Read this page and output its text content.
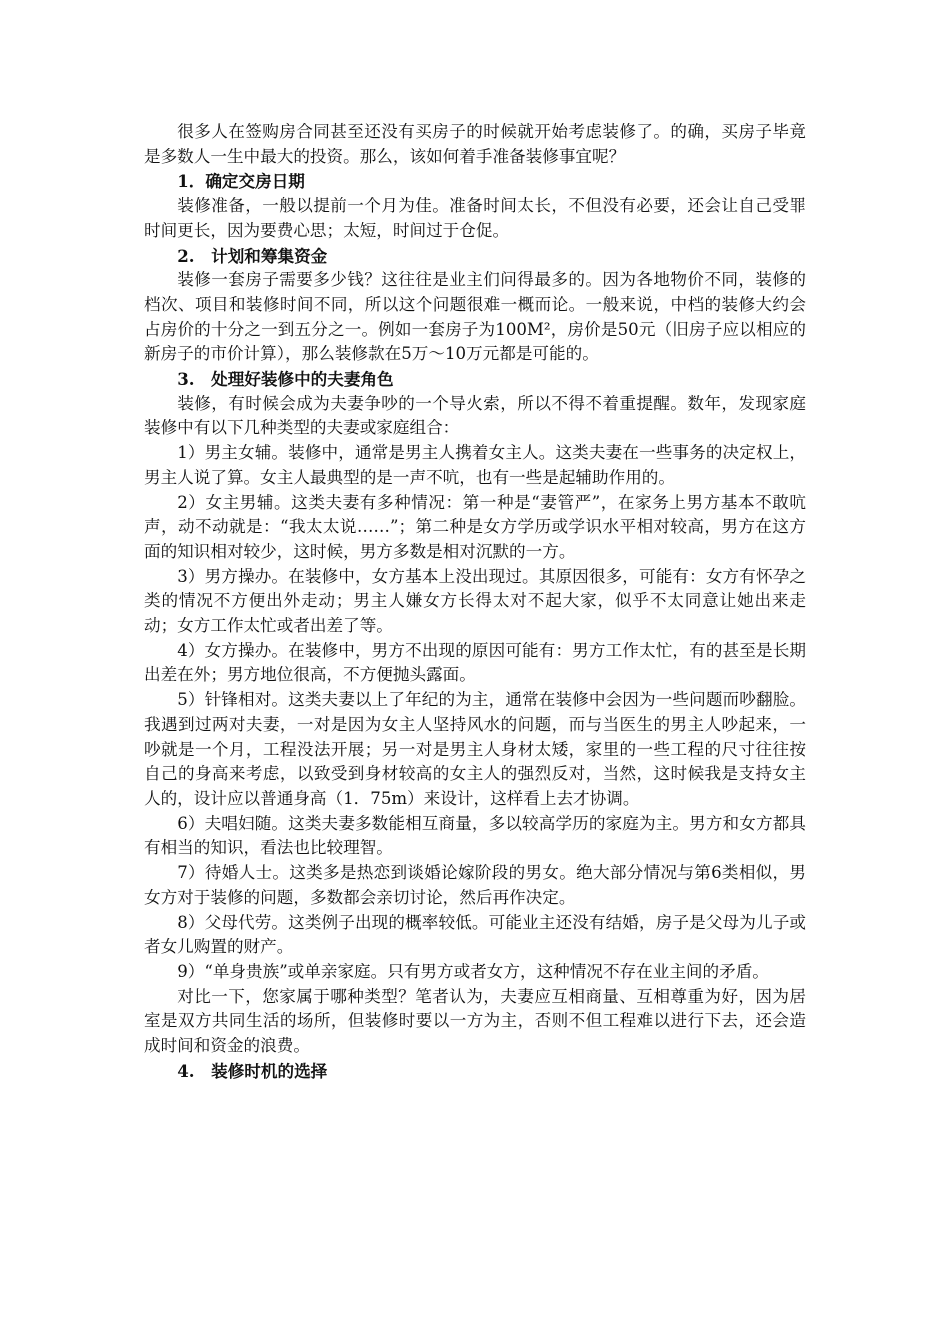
很多人在签购房合同甚至还没有买房子的时候就开始考虑装修了。的确，买房子毕竟是多数人一生中最大的投资。那么，该如何着手准备装修事宜呢？

1．确定交房日期

装修准备，一般以提前一个月为佳。准备时间太长，不但没有必要，还会让自己受罪时间更长，因为要费心思；太短，时间过于仓促。

2.　计划和筹集资金

装修一套房子需要多少钱？这往往是业主们问得最多的。因为各地物价不同，装修的档次、项目和装修时间不同，所以这个问题很难一概而论。一般来说，中档的装修大约会占房价的十分之一到五分之一。例如一套房子为100M²，房价是50元（旧房子应以相应的新房子的市价计算），那么装修款在5万～10万元都是可能的。

3.　处理好装修中的夫妻角色

装修，有时候会成为夫妻争吵的一个导火索，所以不得不着重提醒。数年，发现家庭装修中有以下几种类型的夫妻或家庭组合：

1）男主女辅。装修中，通常是男主人携着女主人。这类夫妻在一些事务的决定权上，男主人说了算。女主人最典型的是一声不吭，也有一些是起辅助作用的。

2）女主男辅。这类夫妻有多种情况：第一种是“妻管严”，在家务上男方基本不敢吭声，动不动就是：“我太太说……”；第二种是女方学历或学识水平相对较高，男方在这方面的知识相对较少，这时候，男方多数是相对沉默的一方。

3）男方操办。在装修中，女方基本上没出现过。其原因很多，可能有：女方有怀孕之类的情况不方便出外走动；男主人嫌女方长得太对不起大家，似乎不太同意让她出来走动；女方工作太忙或者出差了等。

4）女方操办。在装修中，男方不出现的原因可能有：男方工作太忙，有的甚至是长期出差在外；男方地位很高，不方便抛头露面。

5）针锋相对。这类夫妻以上了年纪的为主，通常在装修中会因为一些问题而吵翻脸。我遇到过两对夫妻，一对是因为女主人坚持风水的问题，而与当医生的男主人吵起来，一吵就是一个月，工程没法开展；另一对是男主人身材太矮，家里的一些工程的尺寸往往按自己的身高来考虑，以致受到身材较高的女主人的强烈反对，当然，这时候我是支持女主人的，设计应以普通身高（1．75m）来设计，这样看上去才协调。

6）夫唱妇随。这类夫妻多数能相互商量，多以较高学历的家庭为主。男方和女方都具有相当的知识，看法也比较理智。

7）待婚人士。这类多是热恋到谈婚论嫁阶段的男女。绝大部分情况与第6类相似，男女方对于装修的问题，多数都会亲切讨论，然后再作决定。

8）父母代劳。这类例子出现的概率较低。可能业主还没有结婚，房子是父母为儿子或者女儿购置的财产。

9）“单身贵族”或单亲家庭。只有男方或者女方，这种情况不存在业主间的矛盾。

对比一下，您家属于哪种类型？笔者认为，夫妻应互相商量、互相尊重为好，因为居室是双方共同生活的场所，但装修时要以一方为主，否则不但工程难以进行下去，还会造成时间和资金的浪费。

4.　装修时机的选择
